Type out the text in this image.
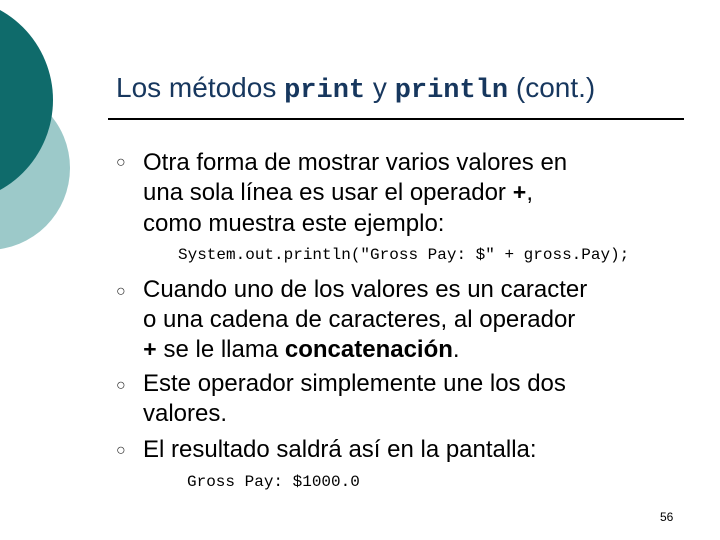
Los métodos print y println (cont.)
○ Otra forma de mostrar varios valores en
una sola línea es usar el operador +,
como muestra este ejemplo:
System.out.println("Gross Pay: $" + gross.Pay);
○ Cuando uno de los valores es un caracter
o una cadena de caracteres, al operador
+ se le llama concatenación.
○ Este operador simplemente une los dos
valores.
○ El resultado saldrá así en la pantalla:
Gross Pay: $1000.0
56
